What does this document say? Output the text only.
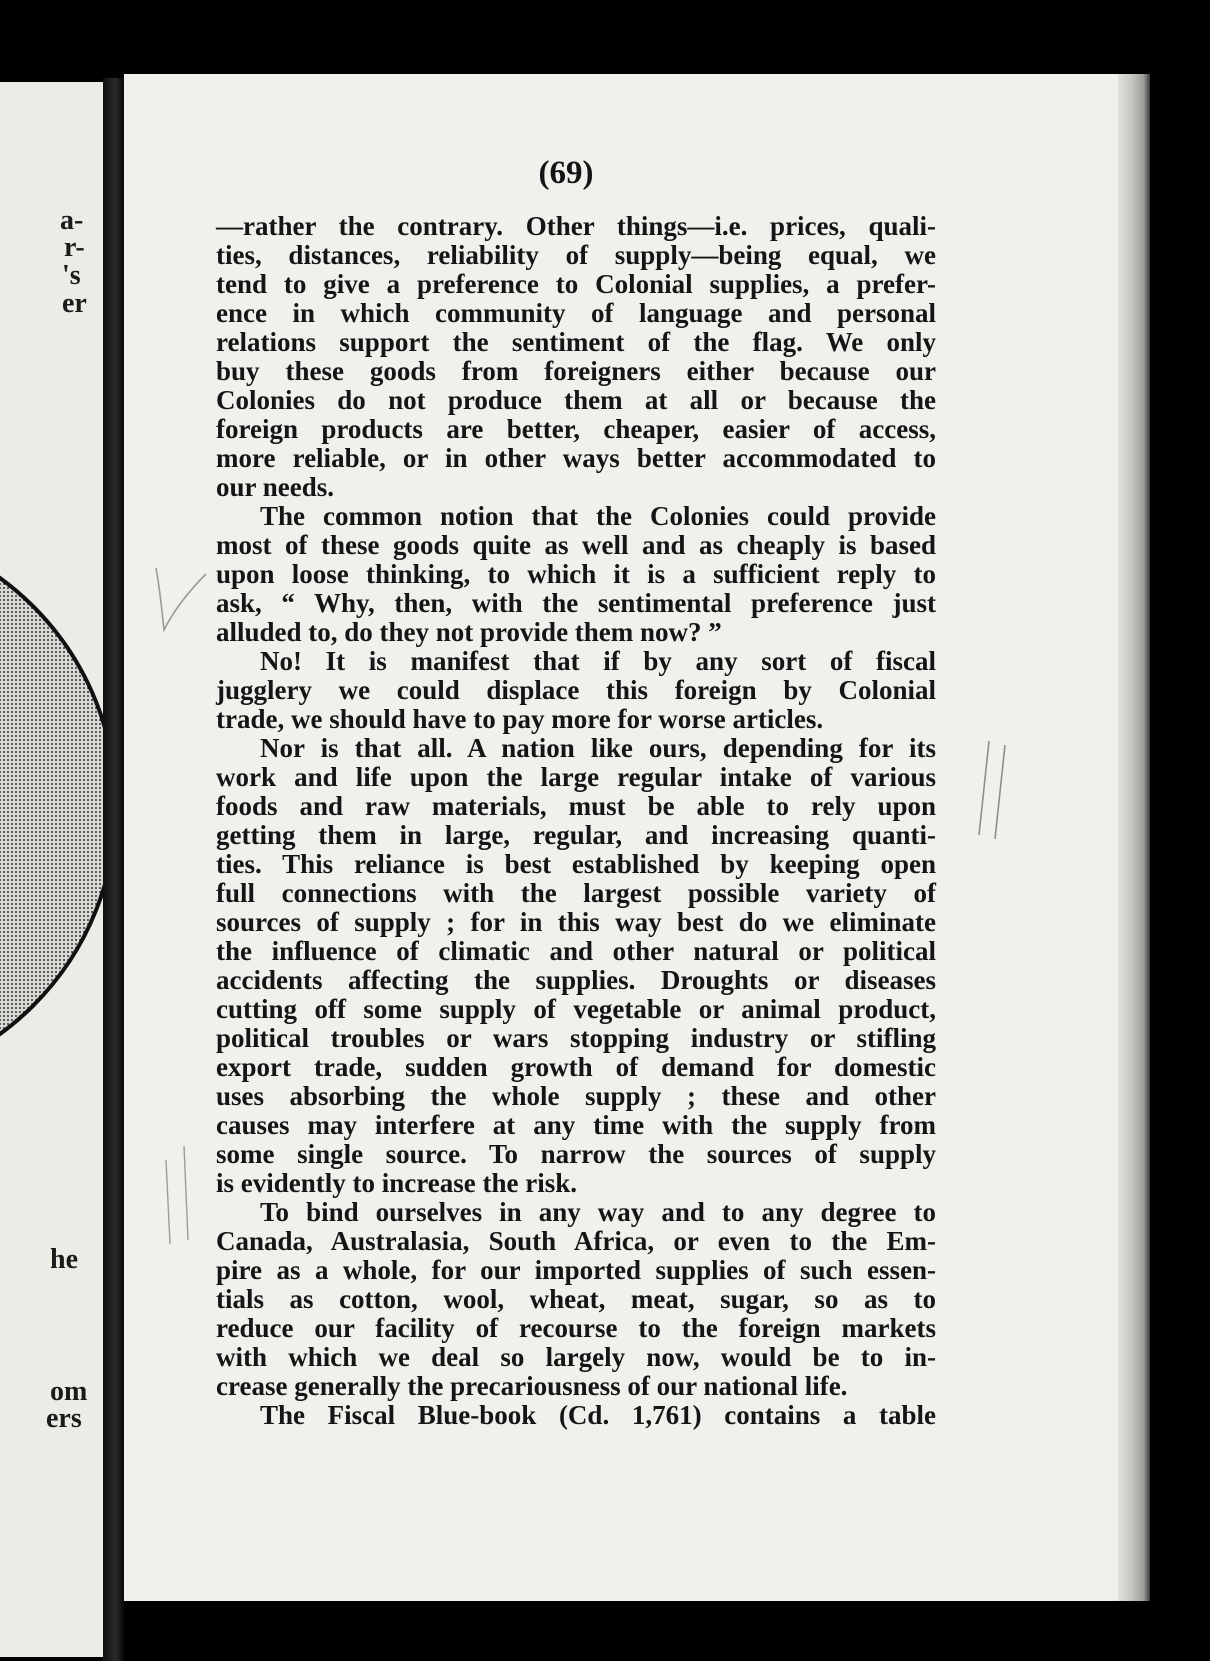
a-
r-
's
er
he
om
ers
(69)
—rather the contrary. Other things—i.e. prices, quali-
ties, distances, reliability of supply—being equal, we
tend to give a preference to Colonial supplies, a prefer-
ence in which community of language and personal
relations support the sentiment of the flag. We only
buy these goods from foreigners either because our
Colonies do not produce them at all or because the
foreign products are better, cheaper, easier of access,
more reliable, or in other ways better accommodated to
our needs.
The common notion that the Colonies could provide
most of these goods quite as well and as cheaply is based
upon loose thinking, to which it is a sufficient reply to
ask, “ Why, then, with the sentimental preference just
alluded to, do they not provide them now? ”
No! It is manifest that if by any sort of fiscal
jugglery we could displace this foreign by Colonial
trade, we should have to pay more for worse articles.
Nor is that all. A nation like ours, depending for its
work and life upon the large regular intake of various
foods and raw materials, must be able to rely upon
getting them in large, regular, and increasing quanti-
ties. This reliance is best established by keeping open
full connections with the largest possible variety of
sources of supply ; for in this way best do we eliminate
the influence of climatic and other natural or political
accidents affecting the supplies. Droughts or diseases
cutting off some supply of vegetable or animal product,
political troubles or wars stopping industry or stifling
export trade, sudden growth of demand for domestic
uses absorbing the whole supply ; these and other
causes may interfere at any time with the supply from
some single source. To narrow the sources of supply
is evidently to increase the risk.
To bind ourselves in any way and to any degree to
Canada, Australasia, South Africa, or even to the Em-
pire as a whole, for our imported supplies of such essen-
tials as cotton, wool, wheat, meat, sugar, so as to
reduce our facility of recourse to the foreign markets
with which we deal so largely now, would be to in-
crease generally the precariousness of our national life.
The Fiscal Blue-book (Cd. 1,761) contains a table
